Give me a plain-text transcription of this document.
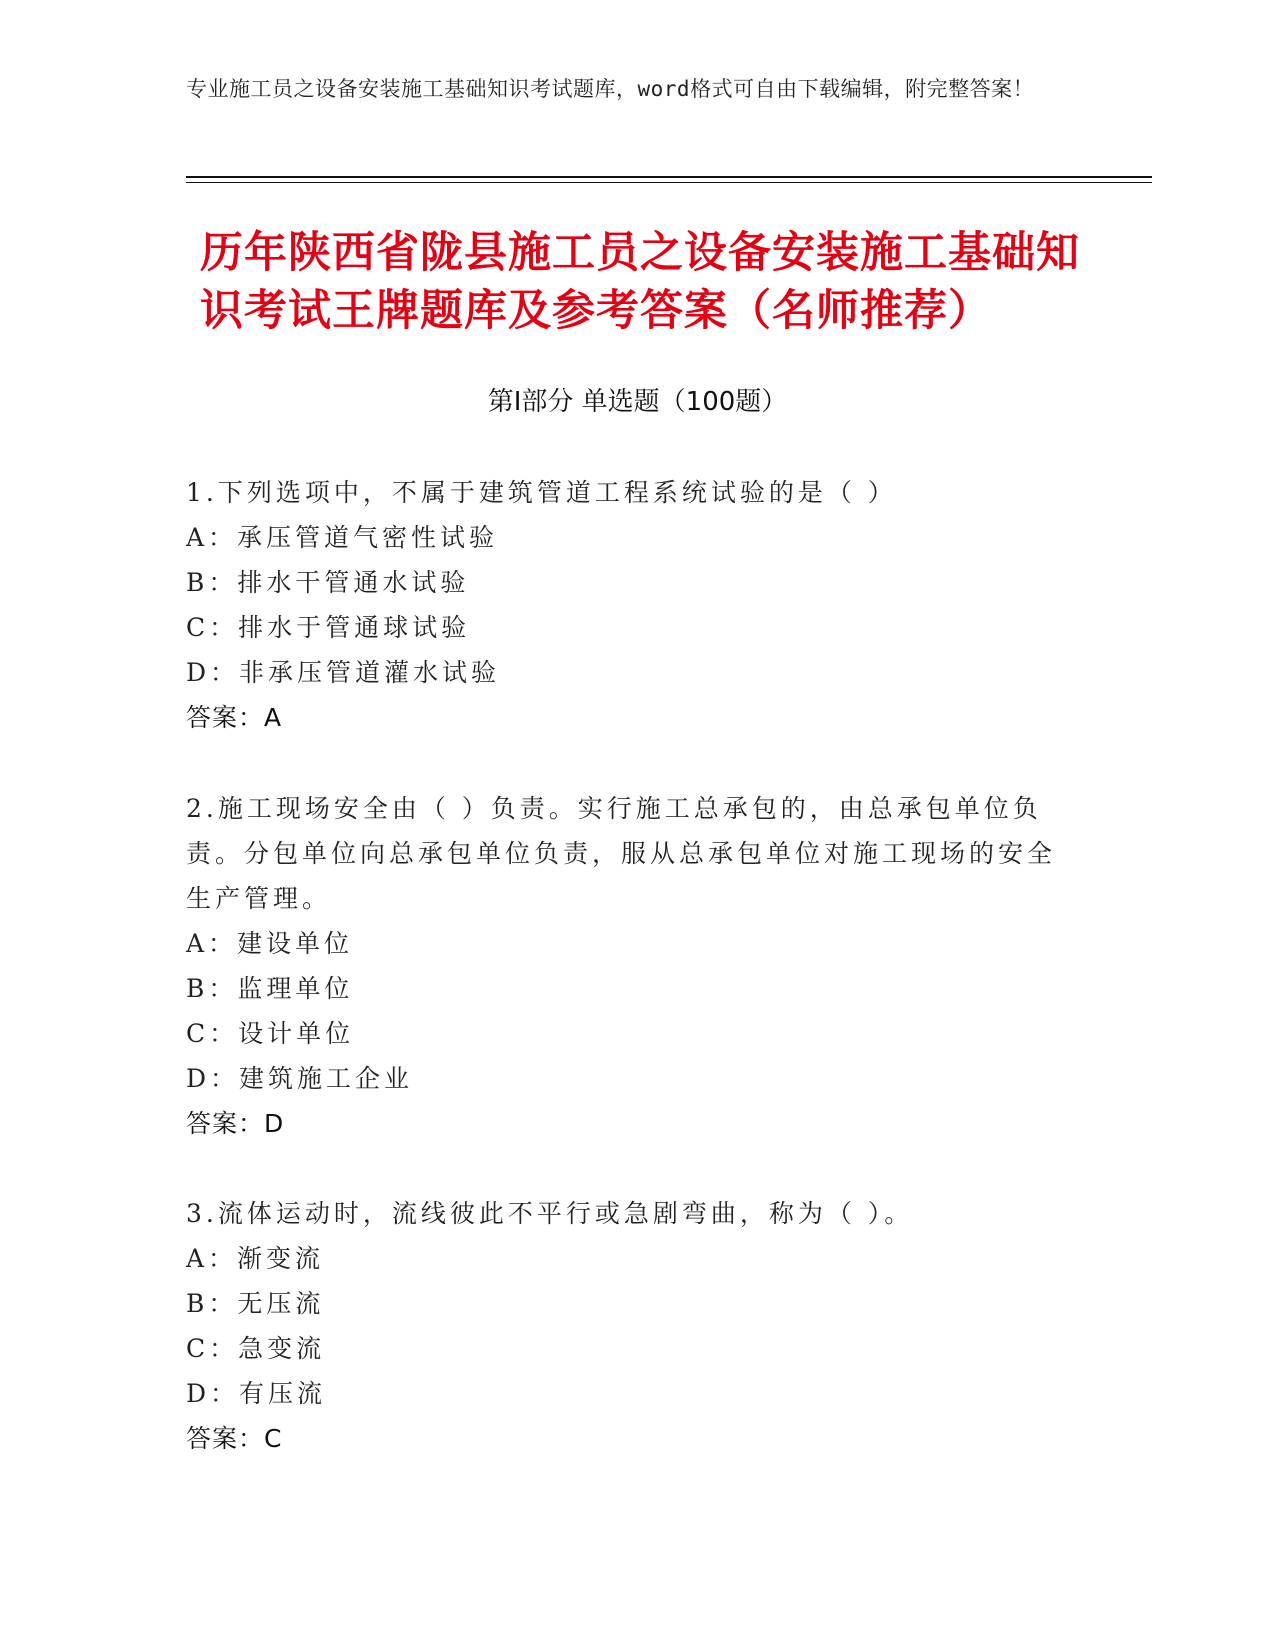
专业施工员之设备安装施工基础知识考试题库，word格式可自由下载编辑，附完整答案！
历年陕西省陇县施工员之设备安装施工基础知识考试王牌题库及参考答案（名师推荐）
第Ⅰ部分 单选题（100题）
1.下列选项中，不属于建筑管道工程系统试验的是（ ）
A：承压管道气密性试验
B：排水干管通水试验
C：排水于管通球试验
D：非承压管道灌水试验
答案：A
2.施工现场安全由（ ）负责。实行施工总承包的，由总承包单位负责。分包单位向总承包单位负责，服从总承包单位对施工现场的安全生产管理。
A：建设单位
B：监理单位
C：设计单位
D：建筑施工企业
答案：D
3.流体运动时，流线彼此不平行或急剧弯曲，称为（ ）。
A：渐变流
B：无压流
C：急变流
D：有压流
答案：C
